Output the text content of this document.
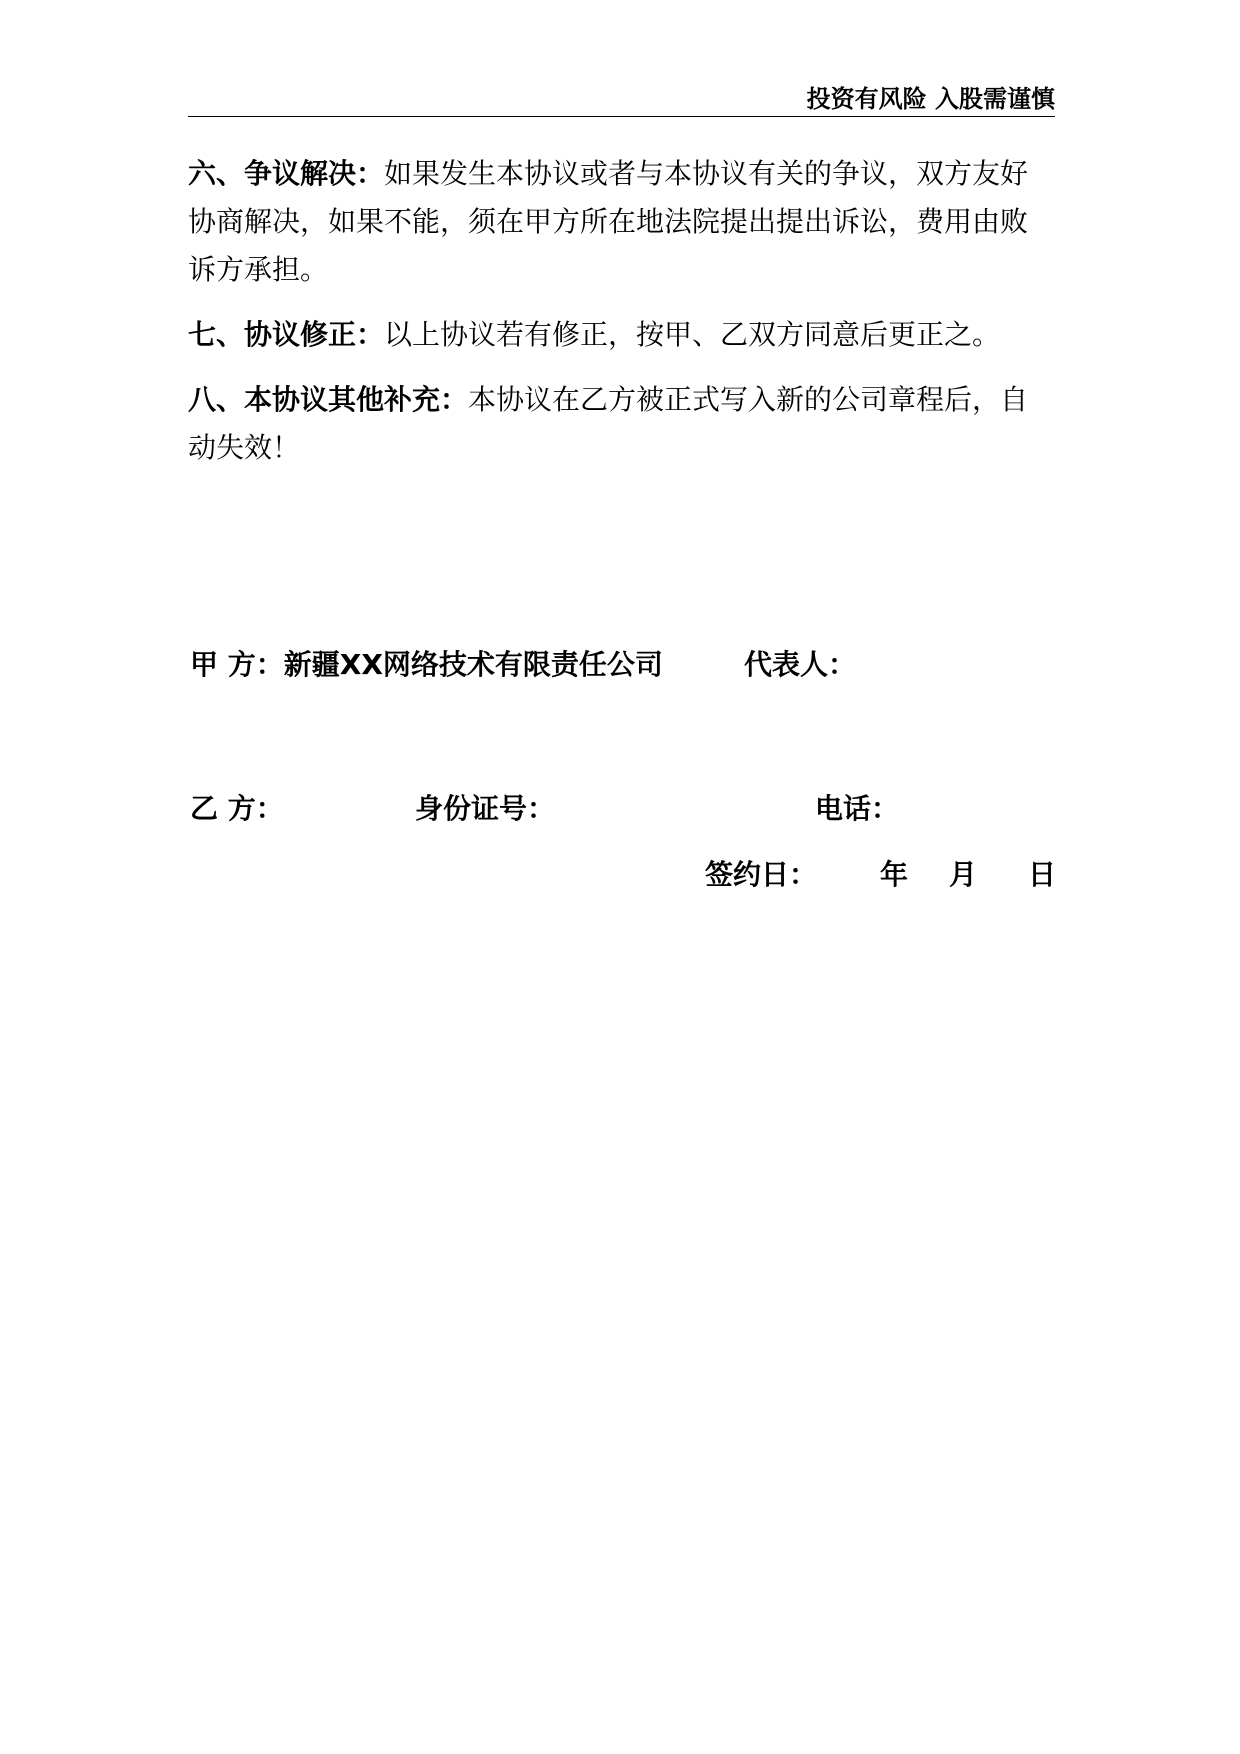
投资有风险 入股需谨慎

六、争议解决：如果发生本协议或者与本协议有关的争议，双方友好协商解决，如果不能，须在甲方所在地法院提出提出诉讼，费用由败诉方承担。

七、协议修正：以上协议若有修正，按甲、乙双方同意后更正之。

八、本协议其他补充：本协议在乙方被正式写入新的公司章程后，自动失效！

甲 方：新疆XX网络技术有限责任公司	代表人：
乙 方：	身份证号：	电话：
签约日： 年 月 日
